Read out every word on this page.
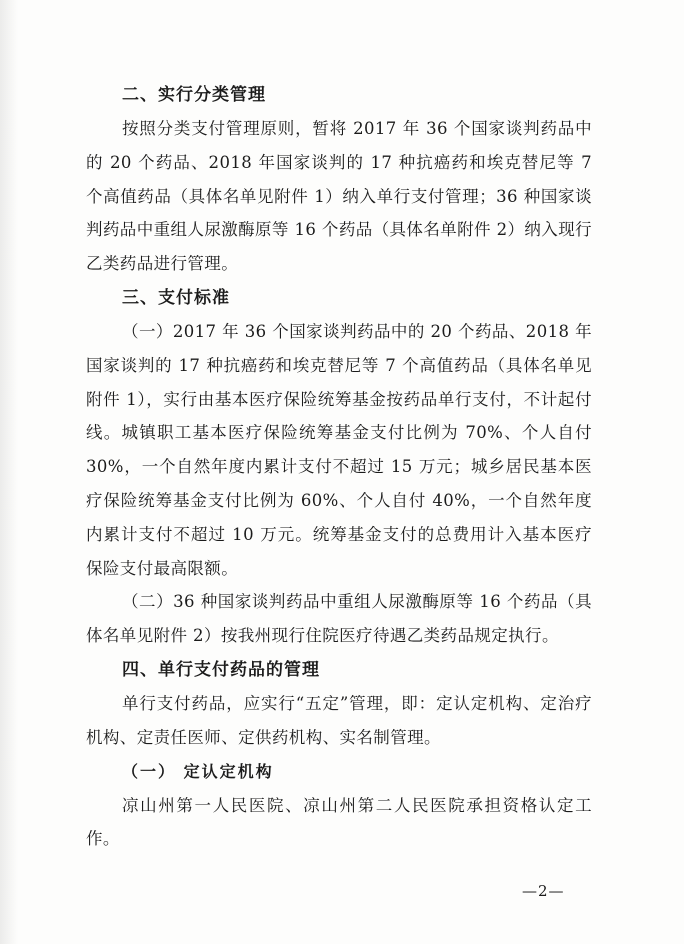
二、实行分类管理

按照分类支付管理原则，暂将 2017 年 36 个国家谈判药品中的 20 个药品、2018 年国家谈判的 17 种抗癌药和埃克替尼等 7 个高值药品（具体名单见附件 1）纳入单行支付管理；36 种国家谈判药品中重组人尿激酶原等 16 个药品（具体名单附件 2）纳入现行乙类药品进行管理。

三、支付标准

（一）2017 年 36 个国家谈判药品中的 20 个药品、2018 年国家谈判的 17 种抗癌药和埃克替尼等 7 个高值药品（具体名单见附件 1），实行由基本医疗保险统筹基金按药品单行支付，不计起付线。城镇职工基本医疗保险统筹基金支付比例为 70%、个人自付 30%，一个自然年度内累计支付不超过 15 万元；城乡居民基本医疗保险统筹基金支付比例为 60%、个人自付 40%，一个自然年度内累计支付不超过 10 万元。统筹基金支付的总费用计入基本医疗保险支付最高限额。

（二）36 种国家谈判药品中重组人尿激酶原等 16 个药品（具体名单见附件 2）按我州现行住院医疗待遇乙类药品规定执行。

四、单行支付药品的管理

单行支付药品，应实行“五定”管理，即：定认定机构、定治疗机构、定责任医师、定供药机构、实名制管理。

（一） 定认定机构

凉山州第一人民医院、凉山州第二人民医院承担资格认定工作。

—2—
